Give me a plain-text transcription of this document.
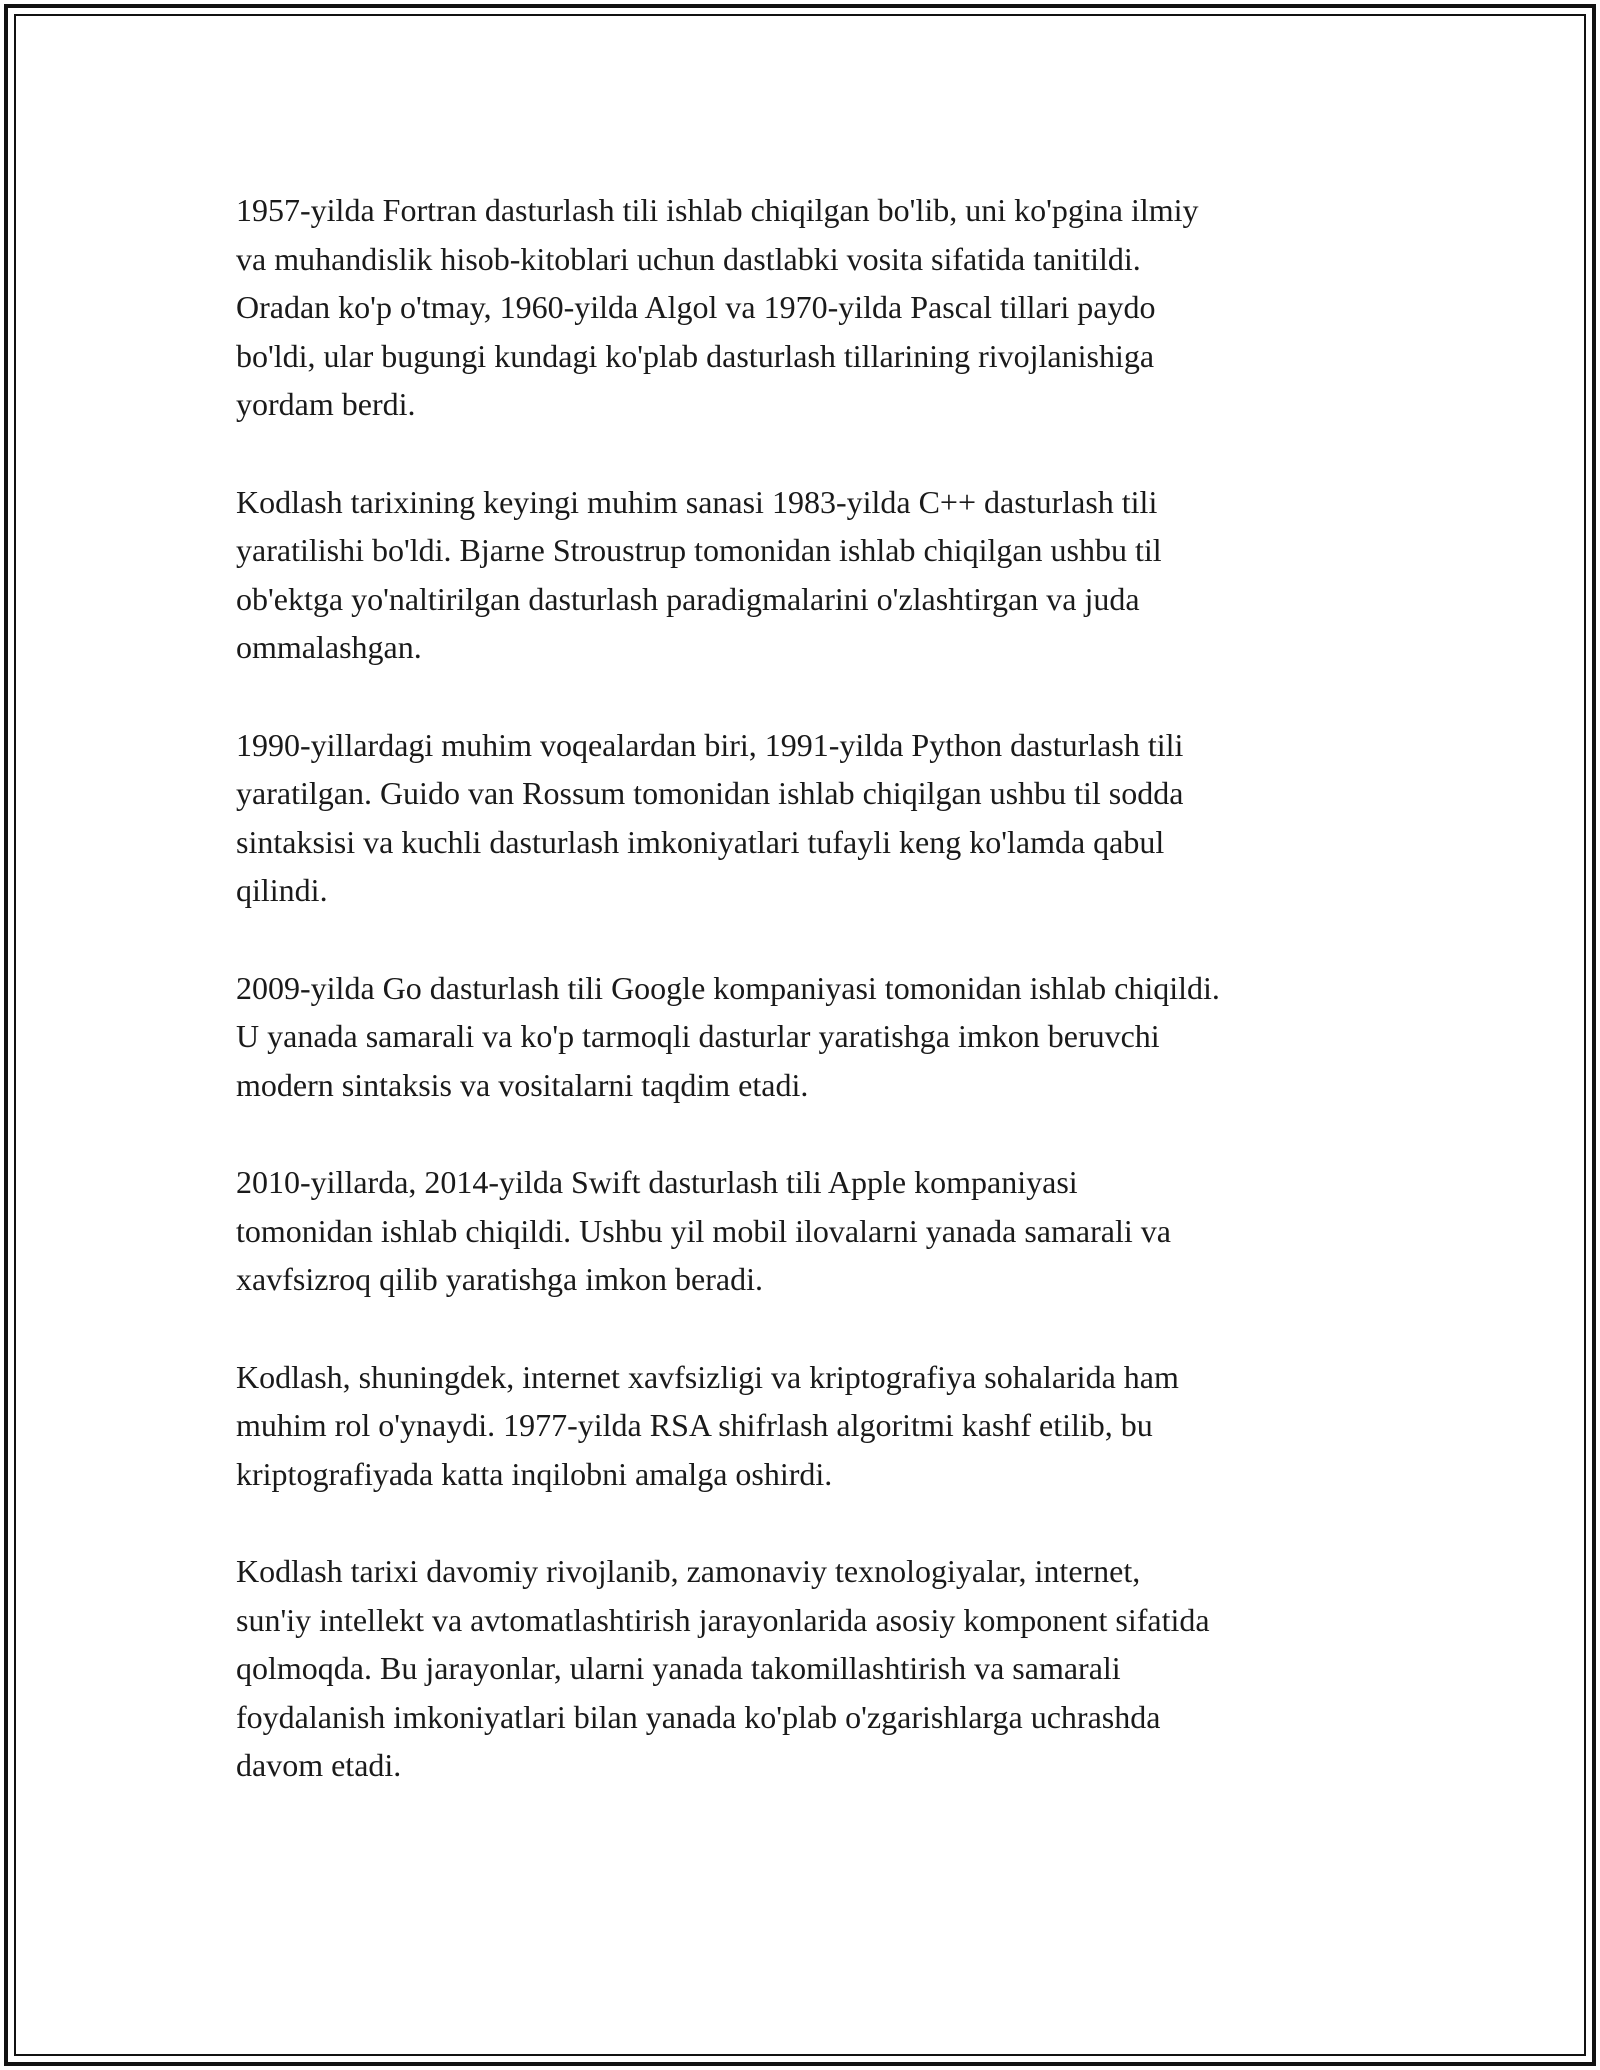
1957-yilda Fortran dasturlash tili ishlab chiqilgan bo'lib, uni ko'pgina ilmiy
va muhandislik hisob-kitoblari uchun dastlabki vosita sifatida tanitildi.
Oradan ko'p o'tmay, 1960-yilda Algol va 1970-yilda Pascal tillari paydo
bo'ldi, ular bugungi kundagi ko'plab dasturlash tillarining rivojlanishiga
yordam berdi.

Kodlash tarixining keyingi muhim sanasi 1983-yilda C++ dasturlash tili
yaratilishi bo'ldi. Bjarne Stroustrup tomonidan ishlab chiqilgan ushbu til
ob'ektga yo'naltirilgan dasturlash paradigmalarini o'zlashtirgan va juda
ommalashgan.

1990-yillardagi muhim voqealardan biri, 1991-yilda Python dasturlash tili
yaratilgan. Guido van Rossum tomonidan ishlab chiqilgan ushbu til sodda
sintaksisi va kuchli dasturlash imkoniyatlari tufayli keng ko'lamda qabul
qilindi.

2009-yilda Go dasturlash tili Google kompaniyasi tomonidan ishlab chiqildi.
U yanada samarali va ko'p tarmoqli dasturlar yaratishga imkon beruvchi
modern sintaksis va vositalarni taqdim etadi.

2010-yillarda, 2014-yilda Swift dasturlash tili Apple kompaniyasi
tomonidan ishlab chiqildi. Ushbu yil mobil ilovalarni yanada samarali va
xavfsizroq qilib yaratishga imkon beradi.

Kodlash, shuningdek, internet xavfsizligi va kriptografiya sohalarida ham
muhim rol o'ynaydi. 1977-yilda RSA shifrlash algoritmi kashf etilib, bu
kriptografiyada katta inqilobni amalga oshirdi.

Kodlash tarixi davomiy rivojlanib, zamonaviy texnologiyalar, internet,
sun'iy intellekt va avtomatlashtirish jarayonlarida asosiy komponent sifatida
qolmoqda. Bu jarayonlar, ularni yanada takomillashtirish va samarali
foydalanish imkoniyatlari bilan yanada ko'plab o'zgarishlarga uchrashda
davom etadi.
